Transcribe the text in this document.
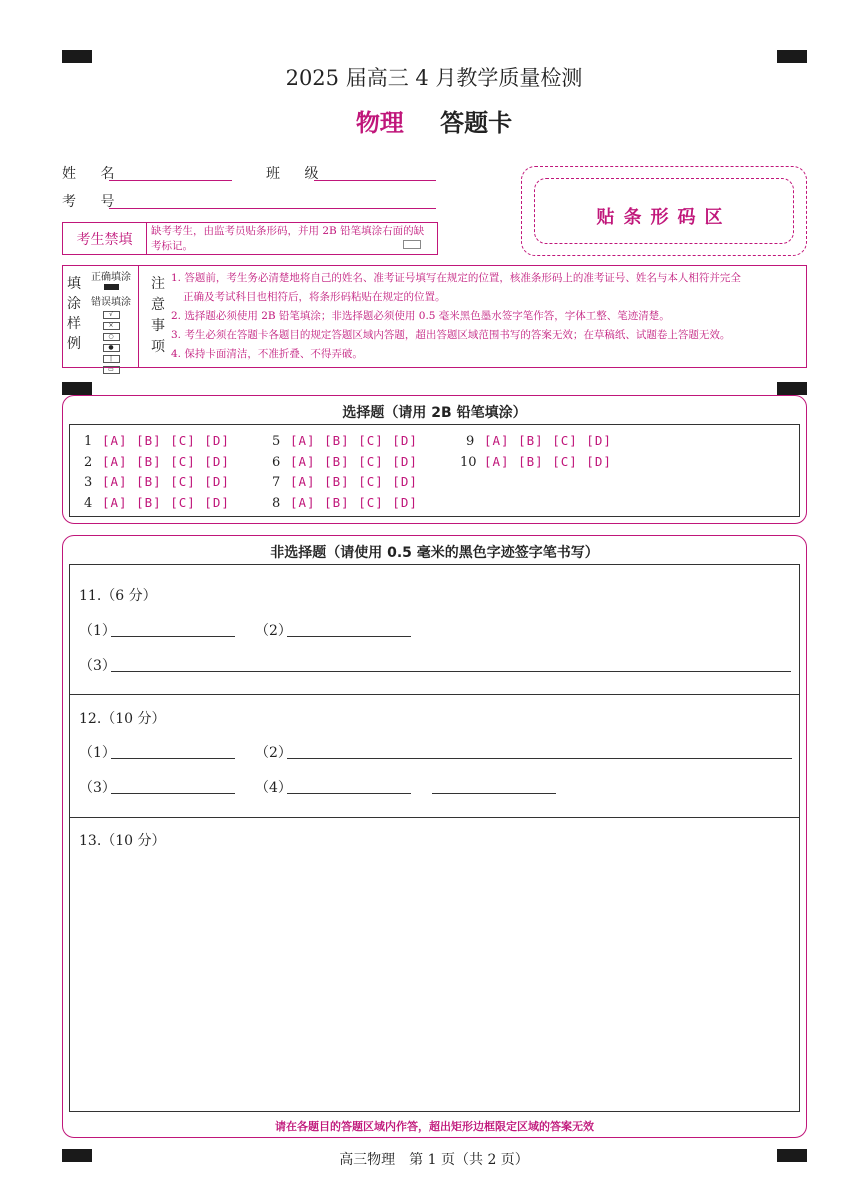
2025 届高三 4 月教学质量检测
物理 答题卡
姓 名	班 级
考 号
贴条形码区
考生禁填
缺考考生，由监考员贴条形码，并用 2B 铅笔填涂右面的缺考标记。
填
涂
样
例
正确填涂
错误填涂
√
×
○
●
|
▭
注
意
事
项
1. 答题前，考生务必清楚地将自己的姓名、准考证号填写在规定的位置，核准条形码上的准考证号、姓名与本人相符并完全
正确及考试科目也相符后，将条形码粘贴在规定的位置。
2. 选择题必须使用 2B 铅笔填涂；非选择题必须使用 0.5 毫米黑色墨水签字笔作答，字体工整、笔迹清楚。
3. 考生必须在答题卡各题目的规定答题区域内答题，超出答题区域范围书写的答案无效；在草稿纸、试题卷上答题无效。
4. 保持卡面清洁，不准折叠、不得弄破。
选择题（请用 2B 铅笔填涂）
1 [A] [B] [C] [D]
2 [A] [B] [C] [D]
3 [A] [B] [C] [D]
4 [A] [B] [C] [D]
5 [A] [B] [C] [D]
6 [A] [B] [C] [D]
7 [A] [B] [C] [D]
8 [A] [B] [C] [D]
9 [A] [B] [C] [D]
10 [A] [B] [C] [D]
非选择题（请使用 0.5 毫米的黑色字迹签字笔书写）
11.（6 分）
（1）	（2）
（3）
12.（10 分）
（1）	（2）
（3）	（4）
13.（10 分）
请在各题目的答题区域内作答，超出矩形边框限定区域的答案无效
高三物理　第 1 页（共 2 页）
